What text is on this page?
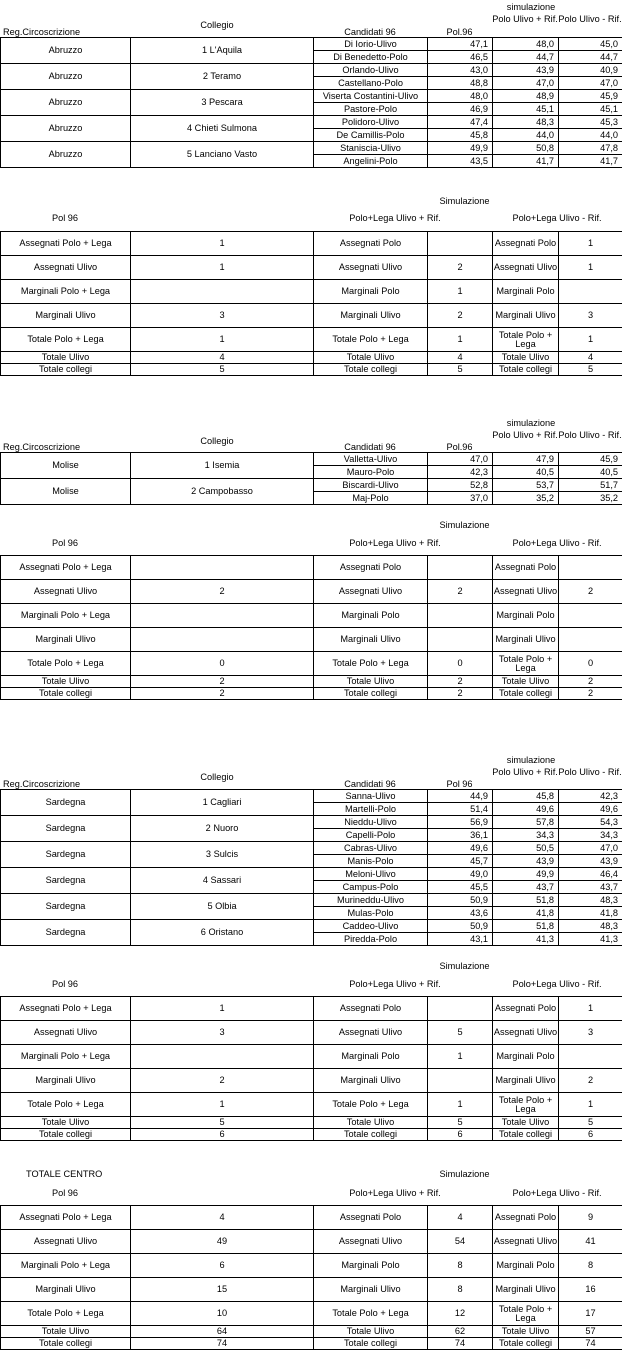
simulazione
Polo Ulivo + Rif. Polo Ulivo - Rif.
Collegio
Reg.Circoscrizione	Candidati 96	Pol.96
Abruzzo	1 L'Aquila	Di Iorio-Ulivo	47,1	48,0	45,0
		Di Benedetto-Polo	46,5	44,7	44,7
Abruzzo	2 Teramo	Orlando-Ulivo	43,0	43,9	40,9
		Castellano-Polo	48,8	47,0	47,0
Abruzzo	3 Pescara	Viserta Costantini-Ulivo	48,0	48,9	45,9
		Pastore-Polo	46,9	45,1	45,1
Abruzzo	4 Chieti Sulmona	Polidoro-Ulivo	47,4	48,3	45,3
		De Camillis-Polo	45,8	44,0	44,0
Abruzzo	5 Lanciano Vasto	Staniscia-Ulivo	49,9	50,8	47,8
		Angelini-Polo	43,5	41,7	41,7
Simulazione
Pol 96	Polo+Lega Ulivo + Rif.	Polo+Lega Ulivo - Rif.
Assegnati Polo + Lega	1	Assegnati Polo		Assegnati Polo	1
Assegnati Ulivo	1	Assegnati Ulivo	2	Assegnati Ulivo	1
Marginali Polo + Lega		Marginali Polo	1	Marginali Polo	
Marginali Ulivo	3	Marginali Ulivo	2	Marginali Ulivo	3
Totale Polo + Lega	1	Totale Polo + Lega	1	Totale Polo + Lega	1
Totale Ulivo	4	Totale Ulivo	4	Totale Ulivo	4
Totale collegi	5	Totale collegi	5	Totale collegi	5
simulazione
Polo Ulivo + Rif. Polo Ulivo - Rif.
Collegio
Reg.Circoscrizione	Candidati 96	Pol.96
Molise	1 Isemia	Valletta-Ulivo	47,0	47,9	45,9
		Mauro-Polo	42,3	40,5	40,5
Molise	2 Campobasso	Biscardi-Ulivo	52,8	53,7	51,7
		Maj-Polo	37,0	35,2	35,2
Simulazione
Pol 96	Polo+Lega Ulivo + Rif.	Polo+Lega Ulivo - Rif.
Assegnati Polo + Lega		Assegnati Polo		Assegnati Polo	
Assegnati Ulivo	2	Assegnati Ulivo	2	Assegnati Ulivo	2
Marginali Polo + Lega		Marginali Polo		Marginali Polo	
Marginali Ulivo		Marginali Ulivo		Marginali Ulivo	
Totale Polo + Lega	0	Totale Polo + Lega	0	Totale Polo + Lega	0
Totale Ulivo	2	Totale Ulivo	2	Totale Ulivo	2
Totale collegi	2	Totale collegi	2	Totale collegi	2
simulazione
Polo Ulivo + Rif. Polo Ulivo - Rif.
Collegio
Reg.Circoscrizione	Candidati 96	Pol 96
Sardegna	1 Cagliari	Sanna-Ulivo	44,9	45,8	42,3
		Martelli-Polo	51,4	49,6	49,6
Sardegna	2 Nuoro	Nieddu-Ulivo	56,9	57,8	54,3
		Capelli-Polo	36,1	34,3	34,3
Sardegna	3 Sulcis	Cabras-Ulivo	49,6	50,5	47,0
		Manis-Polo	45,7	43,9	43,9
Sardegna	4 Sassari	Meloni-Ulivo	49,0	49,9	46,4
		Campus-Polo	45,5	43,7	43,7
Sardegna	5 Olbia	Murineddu-Ulivo	50,9	51,8	48,3
		Mulas-Polo	43,6	41,8	41,8
Sardegna	6 Oristano	Caddeo-Ulivo	50,9	51,8	48,3
		Piredda-Polo	43,1	41,3	41,3
Simulazione
Pol 96	Polo+Lega Ulivo + Rif.	Polo+Lega Ulivo - Rif.
Assegnati Polo + Lega	1	Assegnati Polo		Assegnati Polo	1
Assegnati Ulivo	3	Assegnati Ulivo	5	Assegnati Ulivo	3
Marginali Polo + Lega		Marginali Polo	1	Marginali Polo	
Marginali Ulivo	2	Marginali Ulivo		Marginali Ulivo	2
Totale Polo + Lega	1	Totale Polo + Lega	1	Totale Polo + Lega	1
Totale Ulivo	5	Totale Ulivo	5	Totale Ulivo	5
Totale collegi	6	Totale collegi	6	Totale collegi	6
TOTALE CENTRO	Simulazione
Pol 96	Polo+Lega Ulivo + Rif.	Polo+Lega Ulivo - Rif.
Assegnati Polo + Lega	4	Assegnati Polo	4	Assegnati Polo	9
Assegnati Ulivo	49	Assegnati Ulivo	54	Assegnati Ulivo	41
Marginali Polo + Lega	6	Marginali Polo	8	Marginali Polo	8
Marginali Ulivo	15	Marginali Ulivo	8	Marginali Ulivo	16
Totale Polo + Lega	10	Totale Polo + Lega	12	Totale Polo + Lega	17
Totale Ulivo	64	Totale Ulivo	62	Totale Ulivo	57
Totale collegi	74	Totale collegi	74	Totale collegi	74
